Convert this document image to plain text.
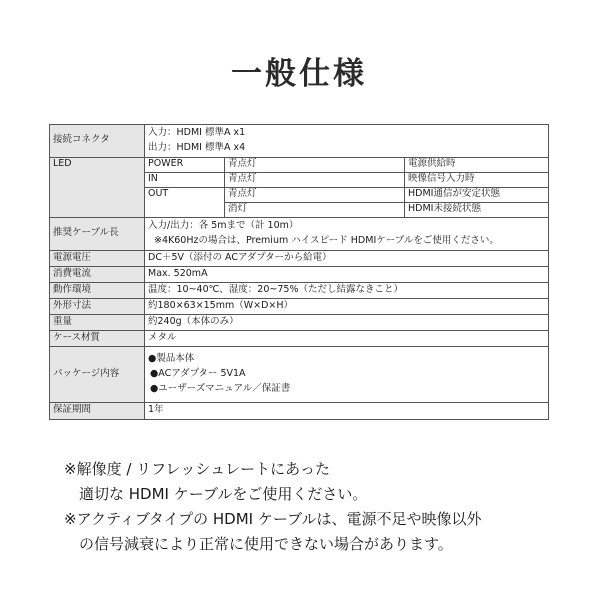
一般仕様
接続コネクタ	入力：HDMI 標準A x1
出力：HDMI 標準A x4		

LED	POWER	青点灯	電源供給時
	IN	青点灯	映像信号入力時
	OUT	青点灯	HDMI通信が安定状態
		消灯	HDMI未接続状態
推奨ケーブル長	入力/出力：各 5mまで（計 10m）
※4K60Hzの場合は、Premium ハイスピード HDMIケーブルをご使用ください。		

電源電圧	DC＋5V（添付の ACアダプターから給電）		
消費電流	Max. 520mA		
動作環境	温度：10~40℃、湿度：20~75%（ただし結露なきこと）		
外形寸法	約180×63×15mm（W×D×H）		
重量	約240g（本体のみ）		
ケース材質	メタル		
パッケージ内容	●製品本体
●ACアダプター 5V1A
●ユーザーズマニュアル／保証書		

保証期間	1年		
※解像度 / リフレッシュレートにあった
適切な HDMI ケーブルをご使用ください。
※アクティブタイプの HDMI ケーブルは、電源不足や映像以外
の信号減衰により正常に使用できない場合があります。
